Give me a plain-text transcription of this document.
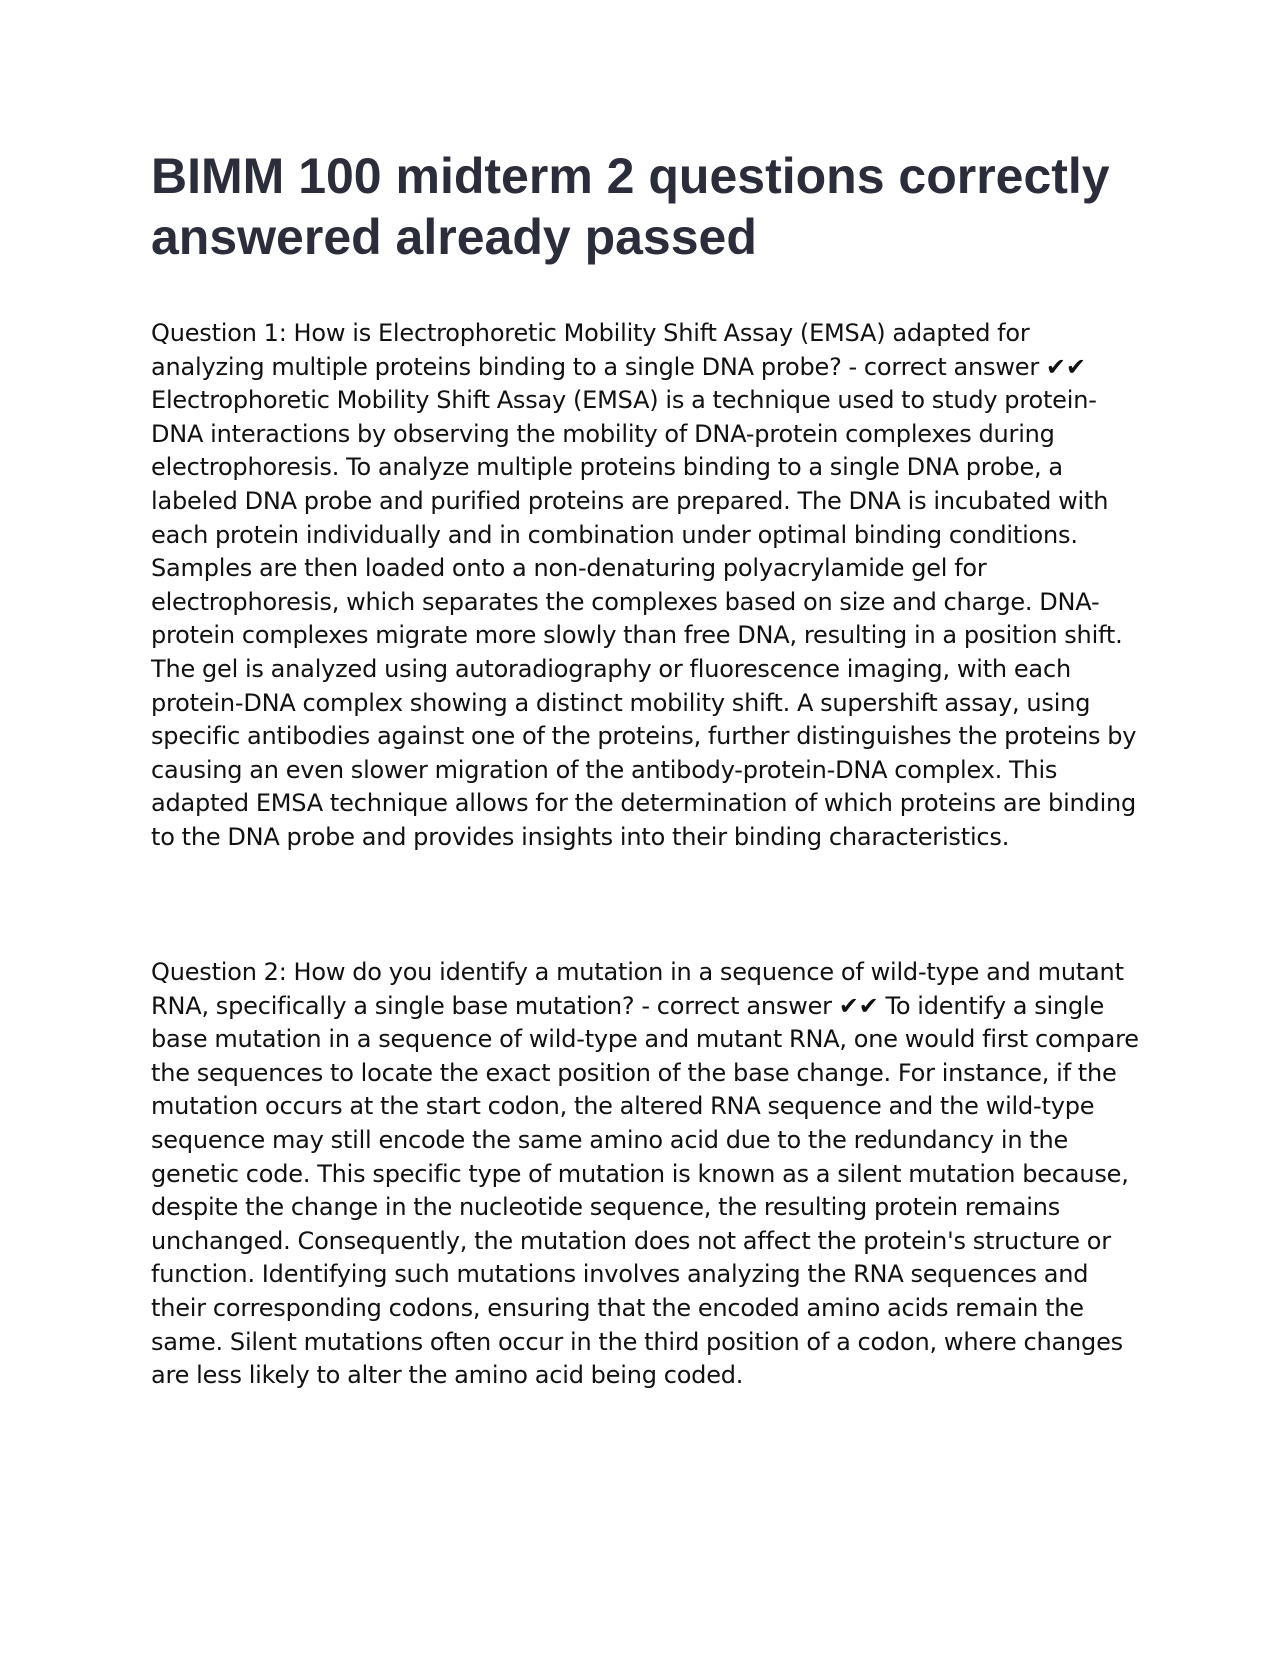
BIMM 100 midterm 2 questions correctly answered already passed

Question 1: How is Electrophoretic Mobility Shift Assay (EMSA) adapted for analyzing multiple proteins binding to a single DNA probe? - correct answer ✔✔ Electrophoretic Mobility Shift Assay (EMSA) is a technique used to study protein-DNA interactions by observing the mobility of DNA-protein complexes during electrophoresis. To analyze multiple proteins binding to a single DNA probe, a labeled DNA probe and purified proteins are prepared. The DNA is incubated with each protein individually and in combination under optimal binding conditions. Samples are then loaded onto a non-denaturing polyacrylamide gel for electrophoresis, which separates the complexes based on size and charge. DNA-protein complexes migrate more slowly than free DNA, resulting in a position shift. The gel is analyzed using autoradiography or fluorescence imaging, with each protein-DNA complex showing a distinct mobility shift. A supershift assay, using specific antibodies against one of the proteins, further distinguishes the proteins by causing an even slower migration of the antibody-protein-DNA complex. This adapted EMSA technique allows for the determination of which proteins are binding to the DNA probe and provides insights into their binding characteristics.

Question 2: How do you identify a mutation in a sequence of wild-type and mutant RNA, specifically a single base mutation? - correct answer ✔✔ To identify a single base mutation in a sequence of wild-type and mutant RNA, one would first compare the sequences to locate the exact position of the base change. For instance, if the mutation occurs at the start codon, the altered RNA sequence and the wild-type sequence may still encode the same amino acid due to the redundancy in the genetic code. This specific type of mutation is known as a silent mutation because, despite the change in the nucleotide sequence, the resulting protein remains unchanged. Consequently, the mutation does not affect the protein's structure or function. Identifying such mutations involves analyzing the RNA sequences and their corresponding codons, ensuring that the encoded amino acids remain the same. Silent mutations often occur in the third position of a codon, where changes are less likely to alter the amino acid being coded.
